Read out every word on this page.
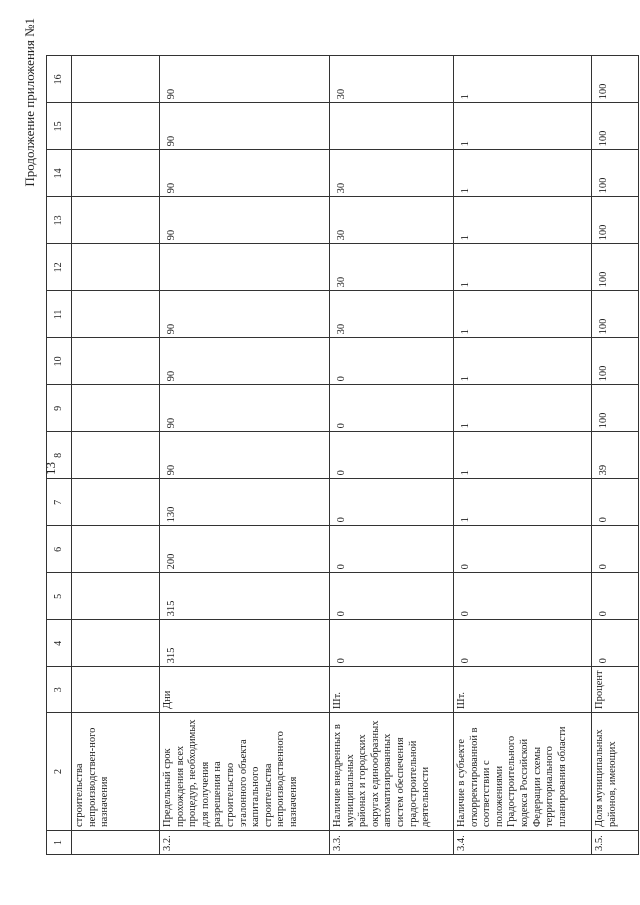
13
Продолжение приложения №1
1	2	3	4	5	6	7	8	9	10	11	12	13	14	15	16
	строительства непроизводствен-ного назначения														
3.2.	Предельный срок прохождения всех процедур, необходимых для получения разрешения на строительство эталонного объекта капитального строительства непроизводственного назначения	Дни	315	315	200	130	90	90	90	90		90	90	90	90
3.3.	Наличие внедренных в муниципальных районах и городских округах единообразных автоматизированных систем обеспечения градостроительной деятельности	Шт.	0	0	0	0	0	0	0	30	30	30	30		30
3.4.	Наличие в субъекте откорректированной в соответствии с положениями Градостроительного кодекса Российской Федерации схемы территориального планирования области	Шт.	0	0	0	1	1	1	1	1	1	1	1	1	1
3.5.	Доля муниципальных районов, имеющих	Процент	0	0	0	0	39	100	100	100	100	100	100	100	100
